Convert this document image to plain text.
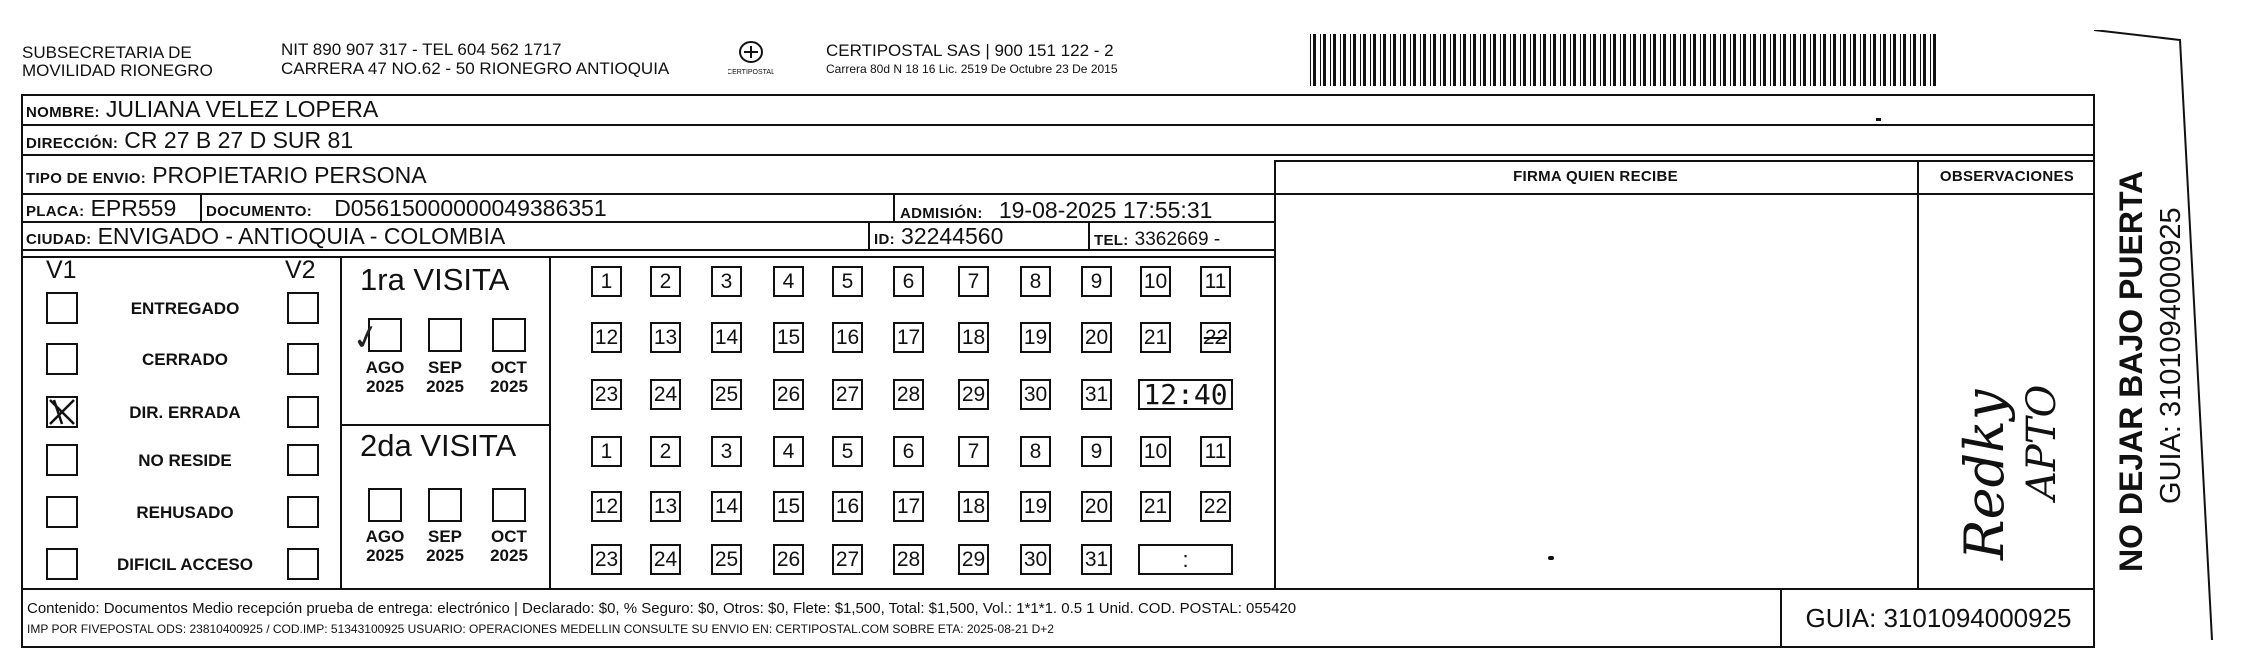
SUBSECRETARIA DE
MOVILIDAD RIONEGRO
NIT 890 907 317 - TEL 604 562 1717
CARRERA 47 NO.62 - 50 RIONEGRO ANTIOQUIA	CERTIPOSTAL
CERTIPOSTAL SAS | 900 151 122 - 2
Carrera 80d N 18 16 Lic. 2519 De Octubre 23 De 2015
NOMBRE: JULIANA VELEZ LOPERA
DIRECCIÓN: CR 27 B 27 D SUR 81
TIPO DE ENVIO: PROPIETARIO PERSONA
PLACA: EPR559 DOCUMENTO: D05615000000049386351	ADMISIÓN: 19-08-2025 17:55:31
CIUDAD: ENVIGADO - ANTIOQUIA - COLOMBIA	ID: 32244560	TEL: 3362669 -
FIRMA QUIEN RECIBE	OBSERVACIONES
V1	V2
ENTREGADO
CERRADO
DIR. ERRADA
NO RESIDE
REHUSADO
DIFICIL ACCESO
1ra VISITA
2da VISITA
AGO
2025
SEP
2025
OCT
2025
AGO
2025
SEP
2025
OCT
2025
1	2	3	4	5	6	7	8	9	10 11
12 13 14 15 16 17 18 19 20 21 22
23 24 25 26 27 28 29 30 31 12:40
1	2	3	4	5	6	7	8	9	10 11
12 13 14 15 16 17 18 19 20 21 22
23 24 25 26 27 28 29 30 31	:
✓
Redky APTO
Contenido: Documentos Medio recepción prueba de entrega: electrónico | Declarado: $0, % Seguro: $0, Otros: $0, Flete: $1,500, Total: $1,500, Vol.: 1*1*1. 0.5 1 Unid. COD. POSTAL: 055420
IMP POR FIVEPOSTAL ODS: 23810400925 / COD.IMP: 51343100925 USUARIO: OPERACIONES MEDELLIN CONSULTE SU ENVIO EN: CERTIPOSTAL.COM SOBRE ETA: 2025-08-21 D+2	GUIA: 3101094000925
NO DEJAR BAJO PUERTA GUIA: 3101094000925
